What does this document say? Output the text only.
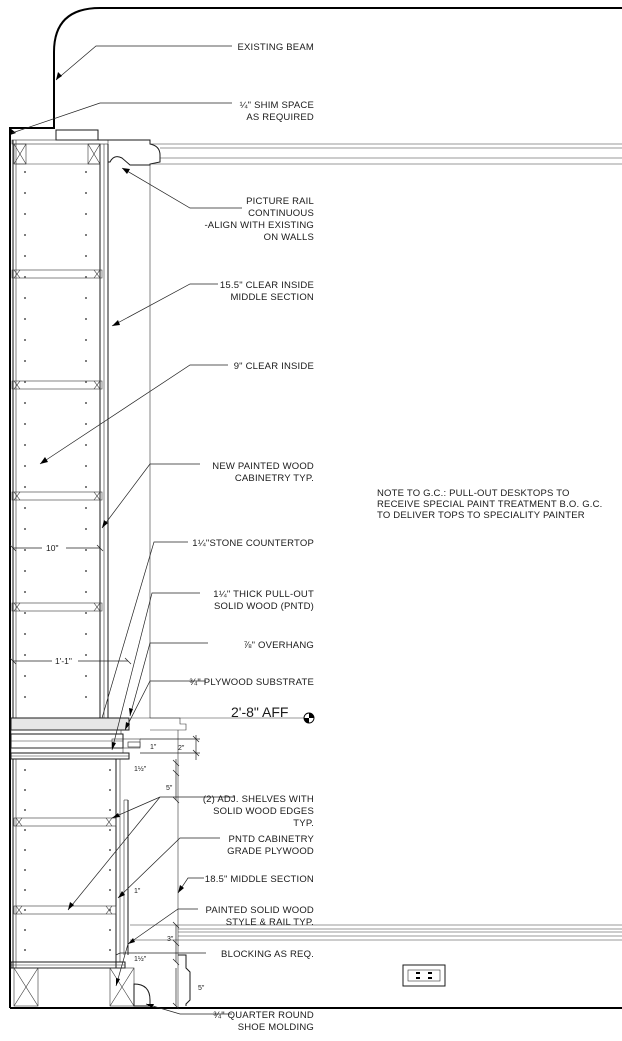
10"
1'-1"
1"	2"
1½"
5"
1"
3"
1½"
5"
EXISTING BEAM
¼" SHIM SPACE
AS REQUIRED
PICTURE RAIL
CONTINUOUS
-ALIGN WITH EXISTING
ON WALLS
15.5" CLEAR INSIDE
MIDDLE SECTION
9" CLEAR INSIDE
NEW PAINTED WOOD
CABINETRY TYP.
1¼"STONE COUNTERTOP
1¼" THICK PULL-OUT
SOLID WOOD (PNTD)
⅞" OVERHANG
¾" PLYWOOD SUBSTRATE
2'-8" AFF
(2) ADJ. SHELVES WITH
SOLID WOOD EDGES
TYP.
PNTD CABINETRY
GRADE PLYWOOD
18.5" MIDDLE SECTION
PAINTED SOLID WOOD
STYLE & RAIL TYP.
BLOCKING AS REQ.
¾" QUARTER ROUND
SHOE MOLDING
NOTE TO G.C.: PULL-OUT DESKTOPS TO
RECEIVE SPECIAL PAINT TREATMENT B.O. G.C.
TO DELIVER TOPS TO SPECIALITY PAINTER
